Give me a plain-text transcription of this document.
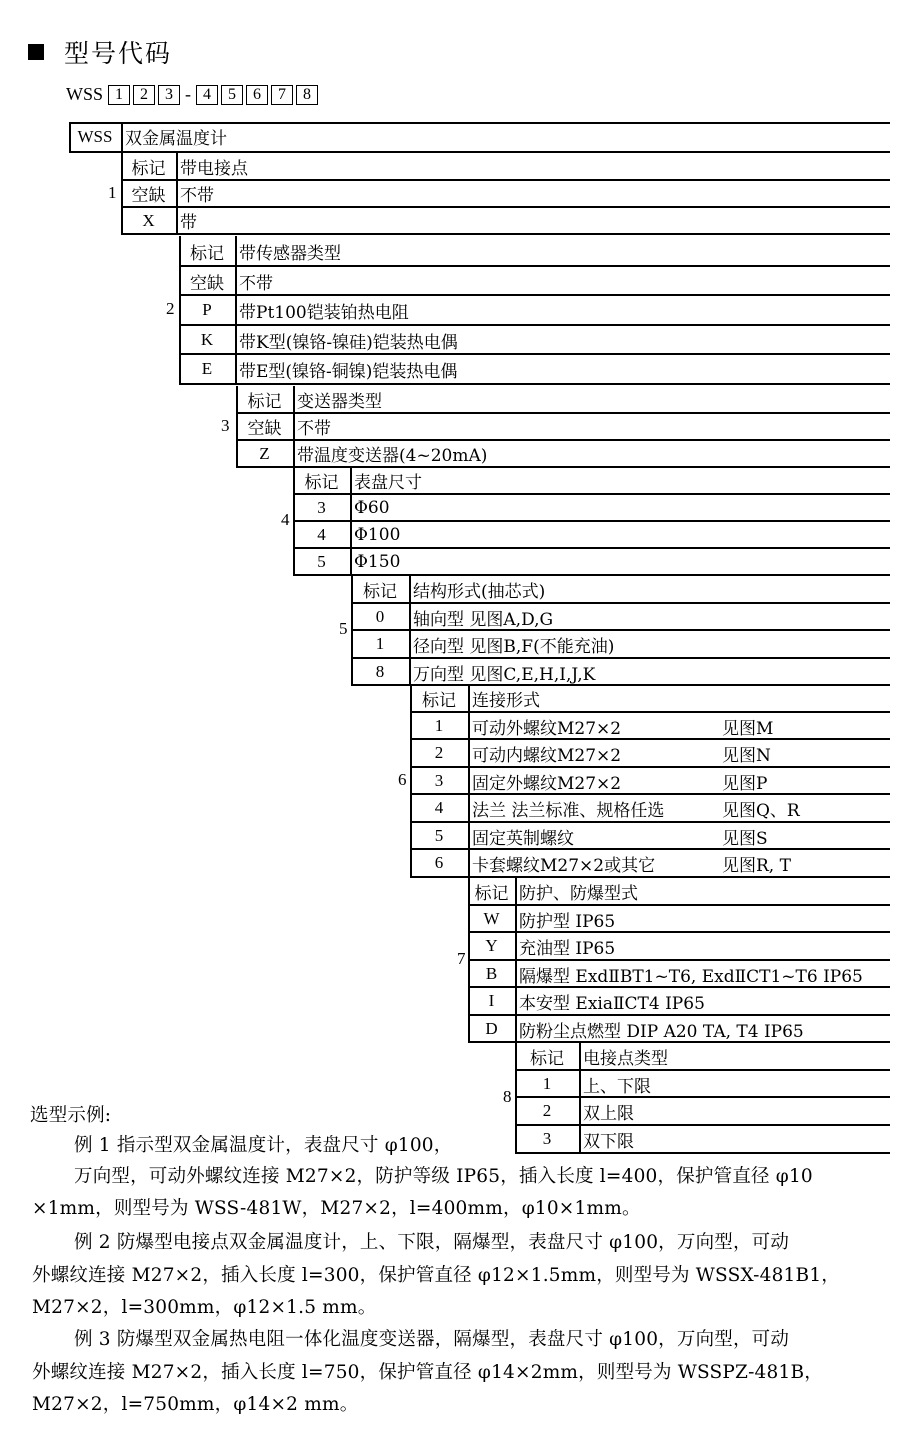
型号代码
WSS 1	2	3 - 4	5	6	7	8
WSS 双金属温度计
标记 带电接点
空缺 不带
X	带
1
标记 带传感器类型
空缺 不带
P	带Pt100铠装铂热电阻
K	带K型(镍铬-镍硅)铠装热电偶
E	带E型(镍铬-铜镍)铠装热电偶
2
标记 变送器类型
空缺 不带
Z	带温度变送器(4~20mA)
3
标记 表盘尺寸
3	Φ60
4	Φ100
5	Φ150
4
标记 结构形式(抽芯式)
0	轴向型 见图A,D,G
1	径向型 见图B,F(不能充油)
8	万向型 见图C,E,H,I,J,K
5
标记 连接形式
1	可动外螺纹M27×2	见图M
2	可动内螺纹M27×2	见图N
3	固定外螺纹M27×2	见图P
4	法兰 法兰标准、规格任选	见图Q、R
5	固定英制螺纹	见图S
6	卡套螺纹M27×2或其它	见图R, T
6
标记 防护、防爆型式
W	防护型 IP65
Y	充油型 IP65
B	隔爆型 ExdⅡBT1~T6, ExdⅡCT1~T6 IP65
I	本安型 ExiaⅡCT4 IP65
D	防粉尘点燃型 DIP A20 TA, T4 IP65
7
标记	电接点类型
1	上、下限
2	双上限
3	双下限
8
选型示例:
例 1 指示型双金属温度计，表盘尺寸 φ100，
万向型，可动外螺纹连接 M27×2，防护等级 IP65，插入长度 l=400，保护管直径 φ10
×1mm，则型号为 WSS-481W，M27×2，l=400mm，φ10×1mm。
例 2 防爆型电接点双金属温度计，上、下限，隔爆型，表盘尺寸 φ100，万向型，可动
外螺纹连接 M27×2，插入长度 l=300，保护管直径 φ12×1.5mm，则型号为 WSSX-481B1，
M27×2，l=300mm，φ12×1.5 mm。
例 3 防爆型双金属热电阻一体化温度变送器，隔爆型，表盘尺寸 φ100，万向型，可动
外螺纹连接 M27×2，插入长度 l=750，保护管直径 φ14×2mm，则型号为 WSSPZ-481B，
M27×2，l=750mm，φ14×2 mm。
